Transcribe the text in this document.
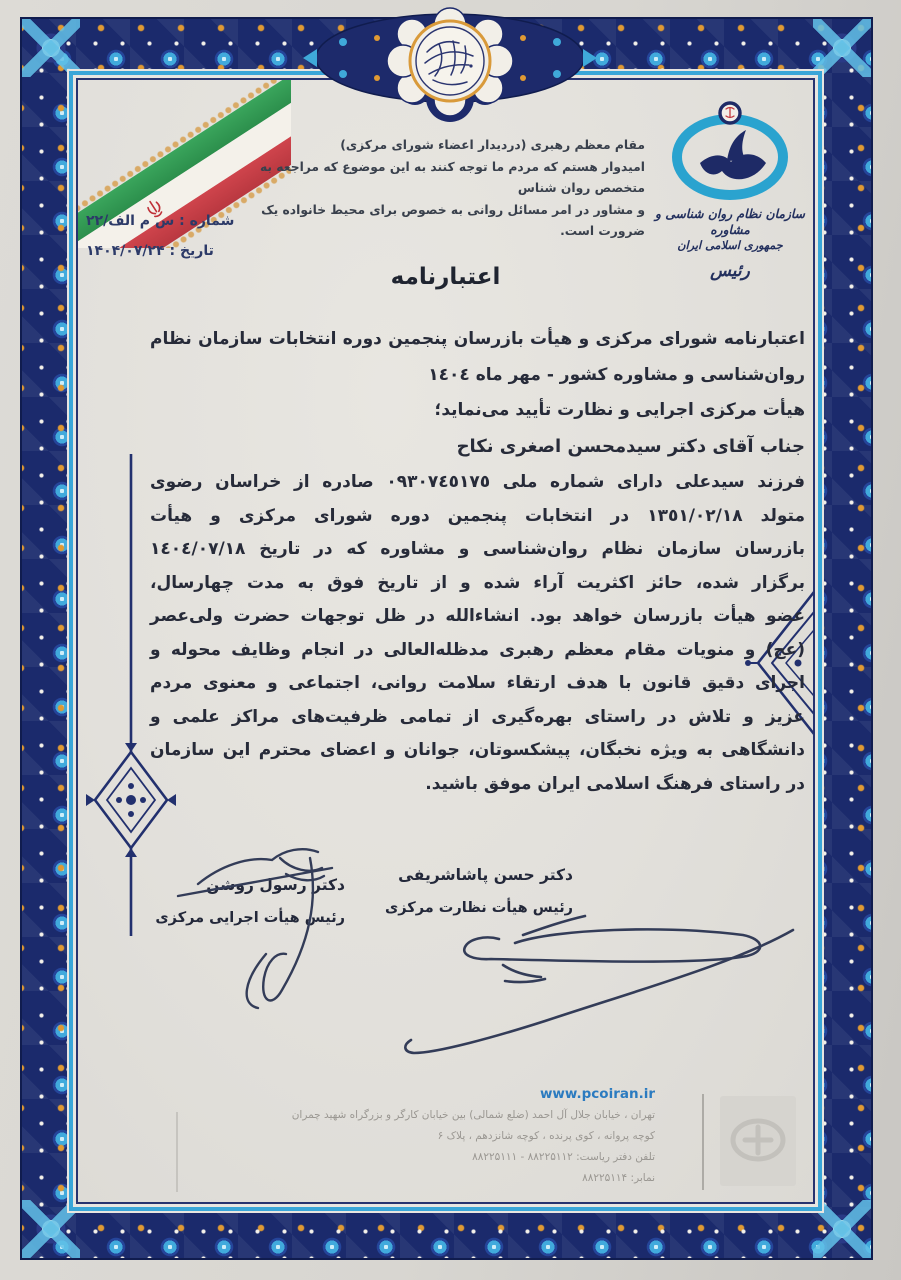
مقام معظم رهبری (دردیدار اعضاء شورای مرکزی)
امیدوار هستم که مردم ما توجه کنند به این موضوع که مراجعه به متخصص روان شناس
و مشاور در امر مسائل روانی به خصوص برای محیط خانواده یک ضرورت است.
شماره : س م الف/۲۲
تاریخ : ۱۴۰۴/۰۷/۲۴
سازمان نظام روان شناسی و مشاوره
جمهوری اسلامی ایران
رئیس
اعتبارنامه
اعتبارنامه شورای مرکزی و هیأت بازرسان پنجمین دوره انتخابات سازمان نظام
روان‌شناسی و مشاوره کشور - مهر ماه ١٤٠٤
هیأت مرکزی اجرایی و نظارت تأیید می‌نماید؛
جناب آقای دکتر سیدمحسن اصغری نکاح
فرزند سیدعلی دارای شماره ملی ٠٩٣٠٧٤٥١٧٥ صادره از خراسان رضوی
متولد ١٣٥١/٠٢/١٨ در انتخابات پنجمین دوره شورای مرکزی و هیأت
بازرسان سازمان نظام روان‌شناسی و مشاوره که در تاریخ ١٤٠٤/٠٧/١٨
برگزار شده، حائز اکثریت آراء شده و از تاریخ فوق به مدت چهارسال،
عضو هیأت بازرسان خواهد بود. انشاءالله در ظل توجهات حضرت ولی‌عصر
(عج) و منویات مقام معظم رهبری مدظله‌العالی در انجام وظایف محوله و
اجرای دقیق قانون با هدف ارتقاء سلامت روانی، اجتماعی و معنوی مردم
عزیز و تلاش در راستای بهره‌گیری از تمامی ظرفیت‌های مراکز علمی و
دانشگاهی به ویژه نخبگان، پیشکسوتان، جوانان و اعضای محترم این سازمان
در راستای فرهنگ اسلامی ایران موفق باشید.
دکتر حسن پاشاشریفی
رئیس هیأت نظارت مرکزی
دکتر رسول روشن
رئیس هیأت اجرایی مرکزی
www.pcoiran.ir
تهران ، خیابان جلال آل احمد (ضلع شمالی) بین خیابان کارگر و بزرگراه شهید چمران
کوچه پروانه ، کوی پرنده ، کوچه شانزدهم ، پلاک ۶
تلفن دفتر ریاست: ۸۸۲۲۵۱۱۲ - ۸۸۲۲۵۱۱۱
نمابر: ۸۸۲۲۵۱۱۴
